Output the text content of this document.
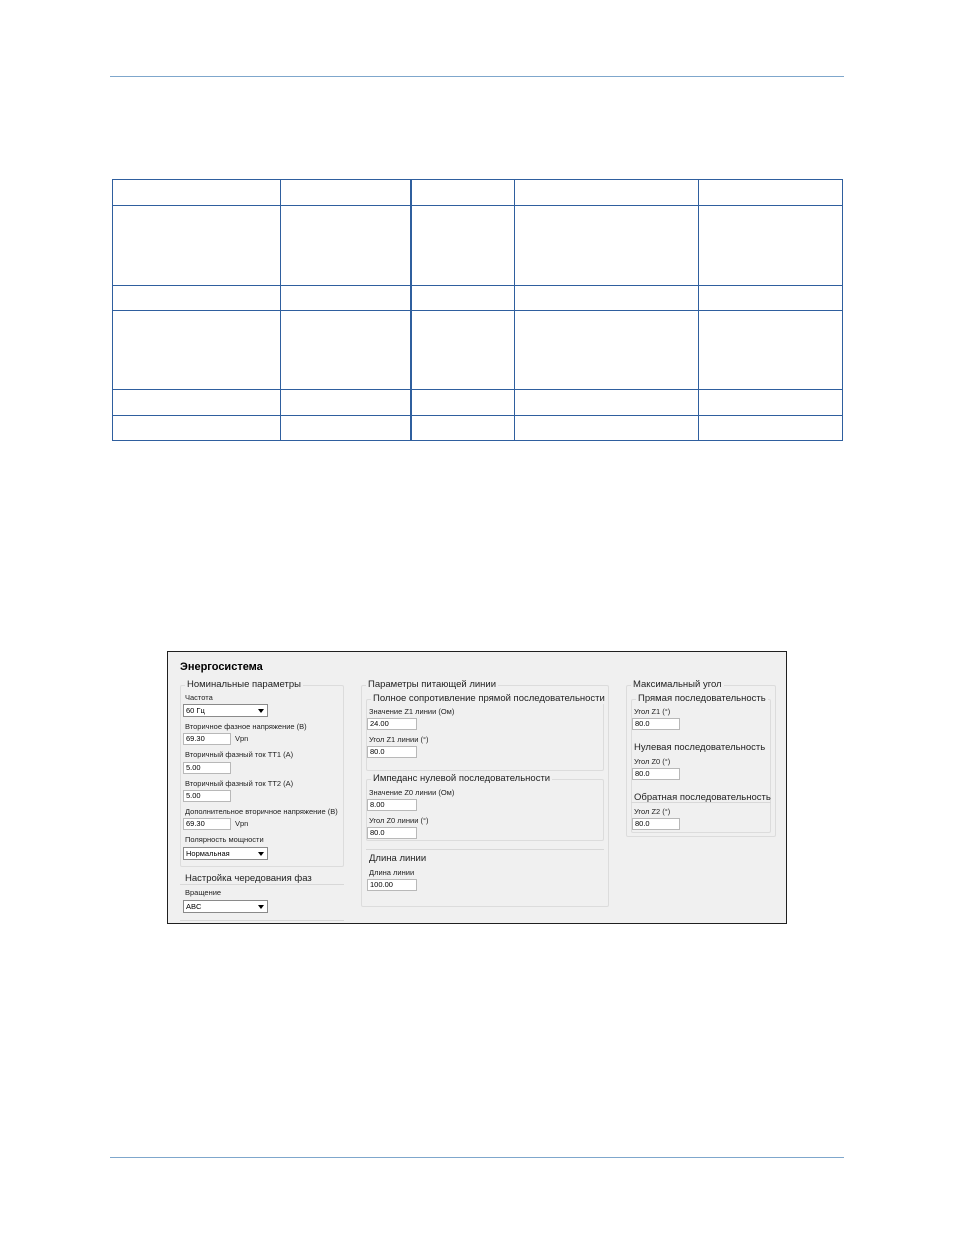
Энергосистема
Номинальные параметры
Частота
60 Гц
Вторичное фазное напряжение (В)
69.30	Vpn
Вторичный фазный ток ТТ1 (А)
5.00
Вторичный фазный ток ТТ2 (А)
5.00
Дополнительное вторичное напряжение (В)
69.30	Vpn
Полярность мощности
Нормальная
Настройка чередования фаз
Вращение
ABC
Параметры питающей линии
Полное сопротивление прямой последовательности
Значение Z1 линии (Ом)
24.00
Угол Z1 линии (°)
80.0
Импеданс нулевой последовательности
Значение Z0 линии (Ом)
8.00
Угол Z0 линии (°)
80.0
Длина линии
Длина линии
100.00
Максимальный угол
Прямая последовательность
Угол Z1 (°)
80.0
Нулевая последовательность
Угол Z0 (°)
80.0
Обратная последовательность
Угол Z2 (°)
80.0
